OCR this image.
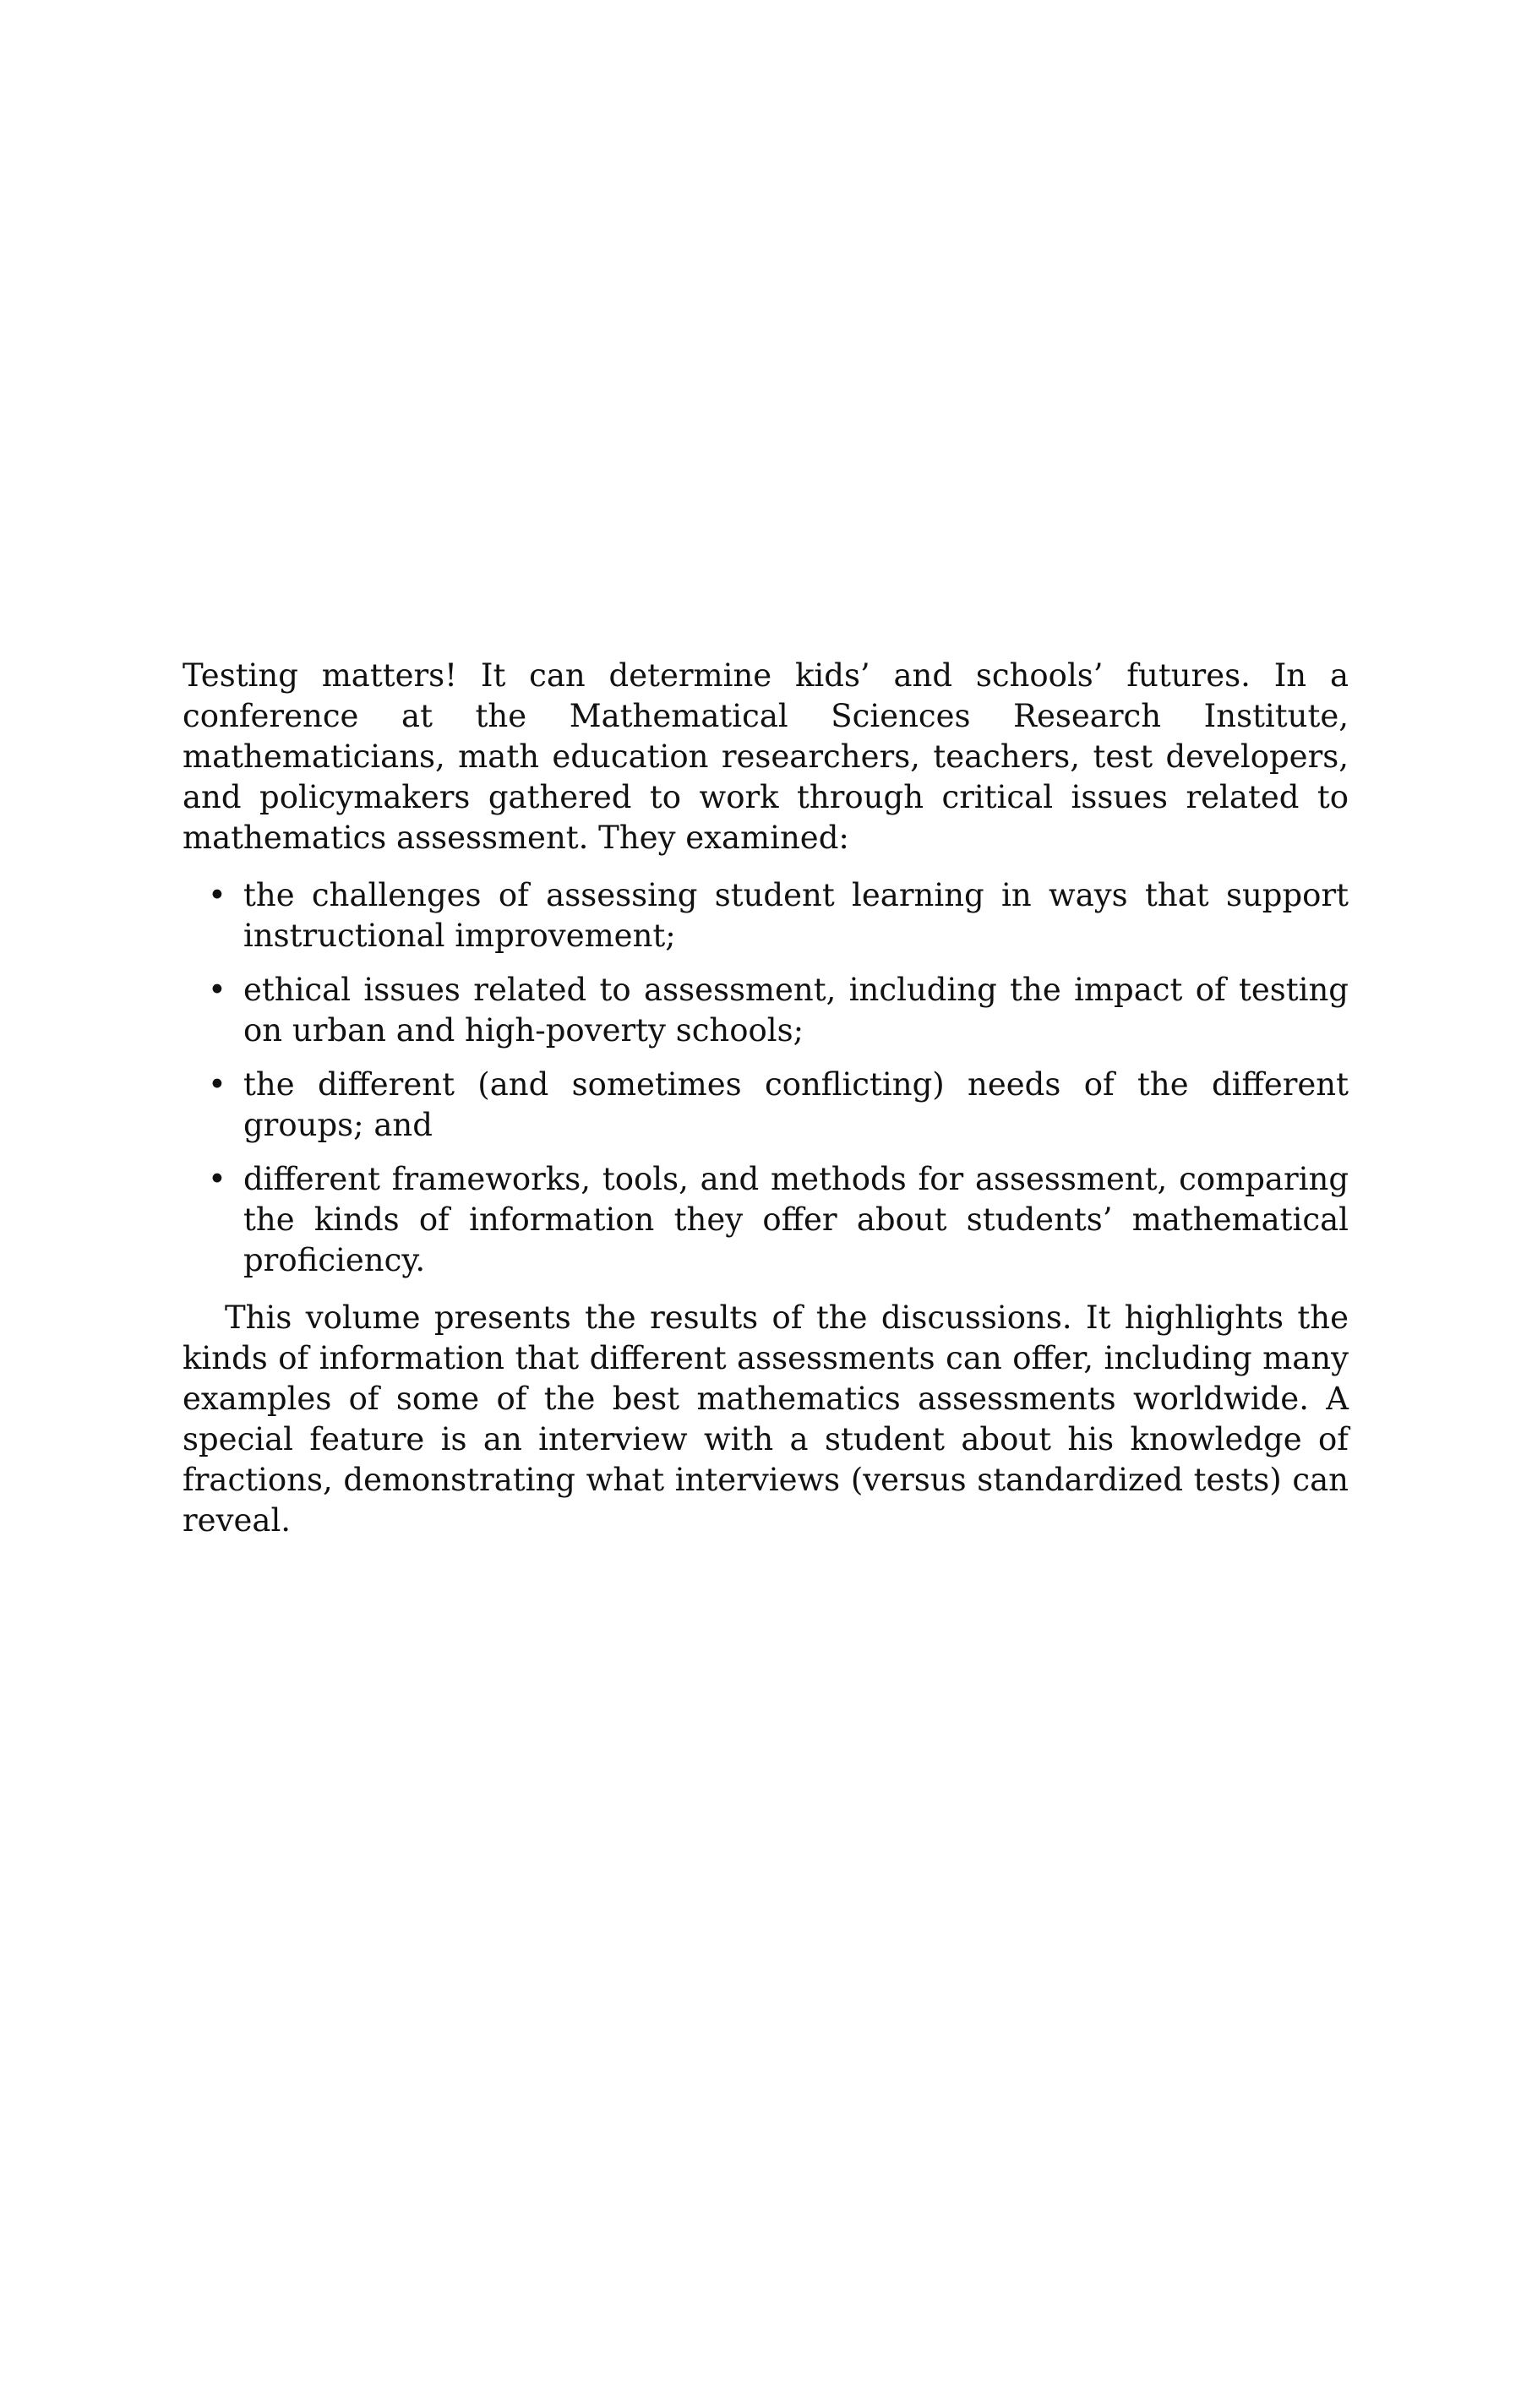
Testing matters! It can determine kids’ and schools’ futures. In a conference at the Mathematical Sciences Research Institute, mathematicians, math education researchers, teachers, test developers, and policymakers gathered to work through critical issues related to mathematics assessment. They examined:

• the challenges of assessing student learning in ways that support instructional improvement;
• ethical issues related to assessment, including the impact of testing on urban and high-poverty schools;
• the different (and sometimes conflicting) needs of the different groups; and
• different frameworks, tools, and methods for assessment, comparing the kinds of information they offer about students’ mathematical proficiency.

This volume presents the results of the discussions. It highlights the kinds of information that different assessments can offer, including many examples of some of the best mathematics assessments worldwide. A special feature is an interview with a student about his knowledge of fractions, demonstrating what interviews (versus standardized tests) can reveal.
